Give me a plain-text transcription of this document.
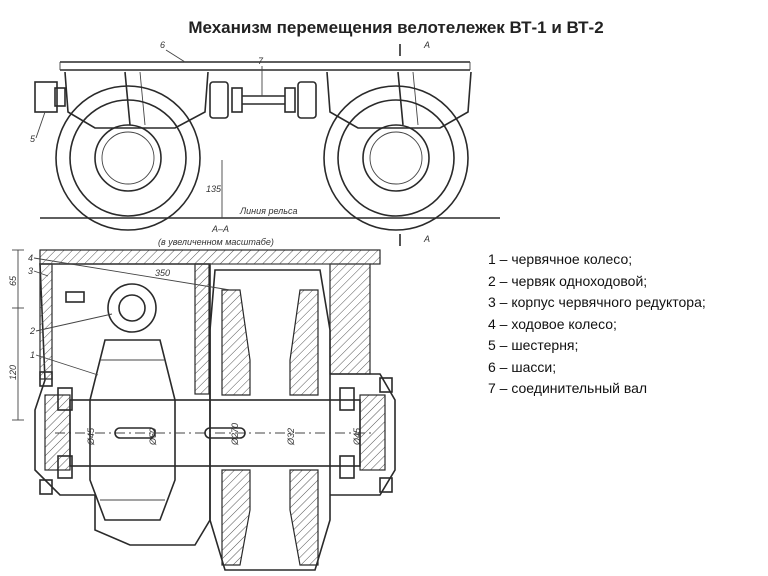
Механизм перемещения велотележек ВТ-1 и ВТ-2
Линия рельса
135
А
А
6
7
5
А–А
(в увеличенном масштабе)
65
120
350
Ø45	Ø50	Ø270	Ø32	Ø45
4
3
2
1
1 – червячное колесо;
2 – червяк одноходовой;
3 – корпус червячного редуктора;
4 – ходовое колесо;
5 – шестерня;
6 – шасси;
7 – соединительный вал
